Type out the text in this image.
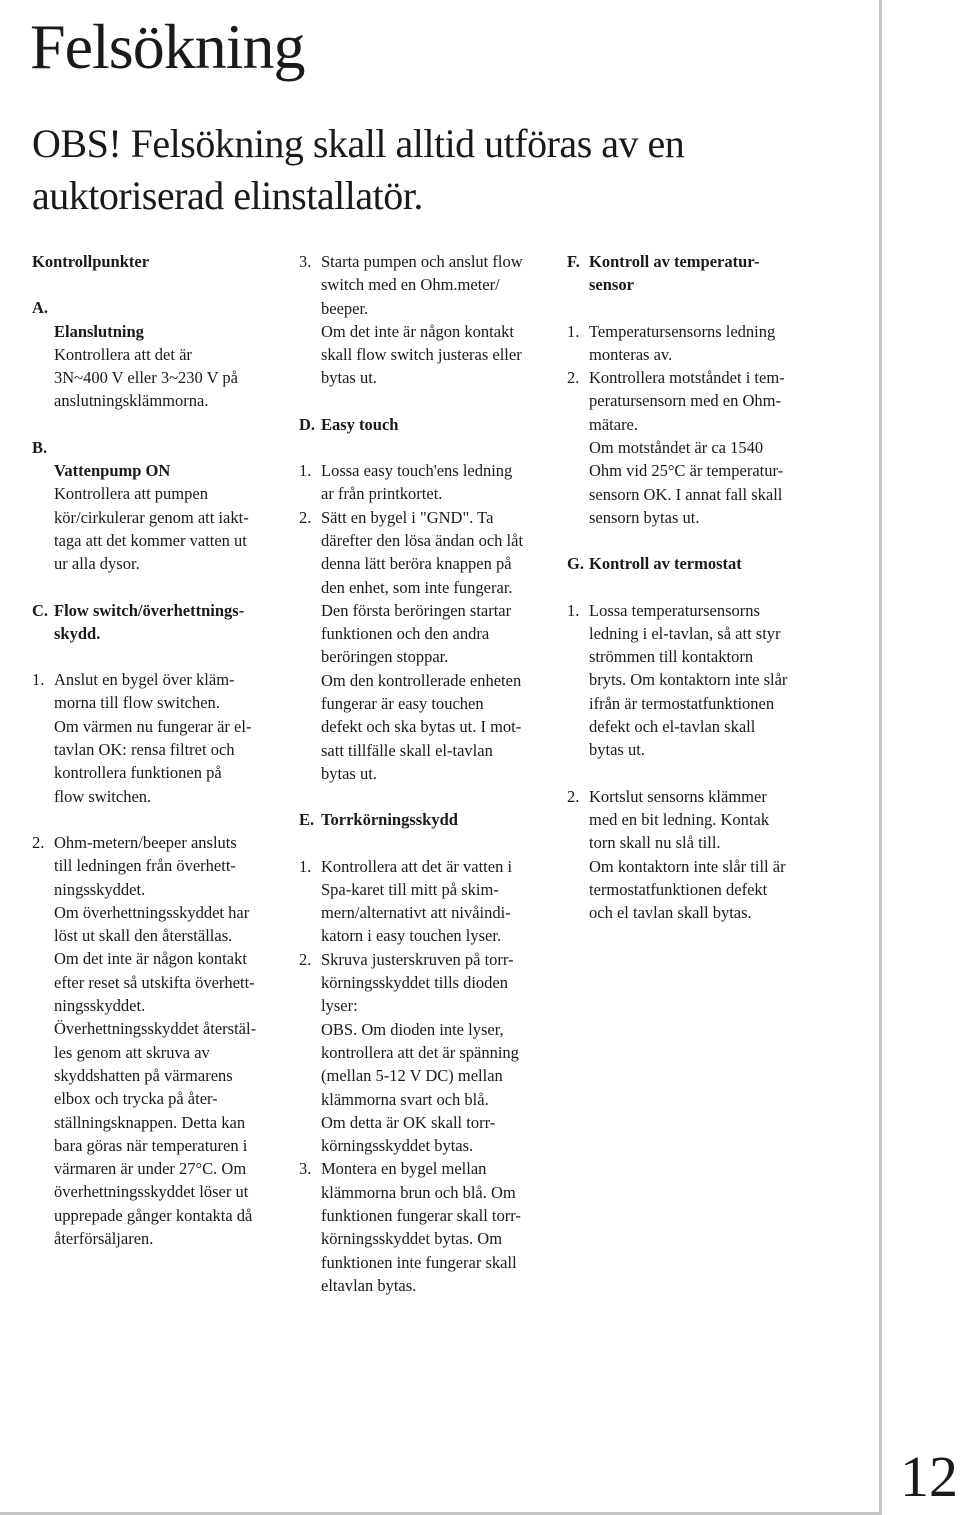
Felsökning

OBS! Felsökning skall alltid utföras av en auktoriserad elinstallatör.

Kontrollpunkter

A.

Elanslutning

Kontrollera att det är
3N~400 V eller 3~230 V på
anslutningsklämmorna.
B.

Vattenpump ON

Kontrollera att pumpen
kör/cirkulerar genom att iakt-
taga att det kommer vatten ut
ur alla dysor.
C. Flow switch/överhettnings-
skydd.
1. Anslut en bygel över kläm-
morna till flow switchen.
Om värmen nu fungerar är el-
tavlan OK: rensa filtret och
kontrollera funktionen på
flow switchen.
2. Ohm-metern/beeper ansluts
till ledningen från överhett-
ningsskyddet.
Om överhettningsskyddet har
löst ut skall den återställas.
Om det inte är någon kontakt
efter reset så utskifta överhett-
ningsskyddet.
Överhettningsskyddet återstäl-
les genom att skruva av
skyddshatten på värmarens
elbox och trycka på åter-
ställningsknappen. Detta kan
bara göras när temperaturen i
värmaren är under 27°C. Om
överhettningsskyddet löser ut
upprepade gånger kontakta då
återförsäljaren.
3. Starta pumpen och anslut flow
switch med en Ohm.meter/
beeper.
Om det inte är någon kontakt
skall flow switch justeras eller
bytas ut.
D. Easy touch
1. Lossa easy touch'ens ledning
ar från printkortet.
2. Sätt en bygel i "GND". Ta
därefter den lösa ändan och låt
denna lätt beröra knappen på
den enhet, som inte fungerar.
Den första beröringen startar
funktionen och den andra
beröringen stoppar.
Om den kontrollerade enheten
fungerar är easy touchen
defekt och ska bytas ut. I mot-
satt tillfälle skall el-tavlan
bytas ut.
E. Torrkörningsskydd
1. Kontrollera att det är vatten i
Spa-karet till mitt på skim-
mern/alternativt att nivåindi-
katorn i easy touchen lyser.
2. Skruva justerskruven på torr-
körningsskyddet tills dioden
lyser:
OBS. Om dioden inte lyser,
kontrollera att det är spänning
(mellan 5-12 V DC) mellan
klämmorna svart och blå.
Om detta är OK skall torr-
körningsskyddet bytas.
3. Montera en bygel mellan
klämmorna brun och blå. Om
funktionen fungerar skall torr-
körningsskyddet bytas. Om
funktionen inte fungerar skall
eltavlan bytas.
F. Kontroll av temperatur-
sensor
1. Temperatursensorns ledning
monteras av.
2. Kontrollera motståndet i tem-
peratursensorn med en Ohm-
mätare.
Om motståndet är ca 1540
Ohm vid 25°C är temperatur-
sensorn OK. I annat fall skall
sensorn bytas ut.
G. Kontroll av termostat
1. Lossa temperatursensorns
ledning i el-tavlan, så att styr
strömmen till kontaktorn
bryts. Om kontaktorn inte slår
ifrån är termostatfunktionen
defekt och el-tavlan skall
bytas ut.
2. Kortslut sensorns klämmer
med en bit ledning. Kontak
torn skall nu slå till.
Om kontaktorn inte slår till är
termostatfunktionen defekt
och el tavlan skall bytas.
12
